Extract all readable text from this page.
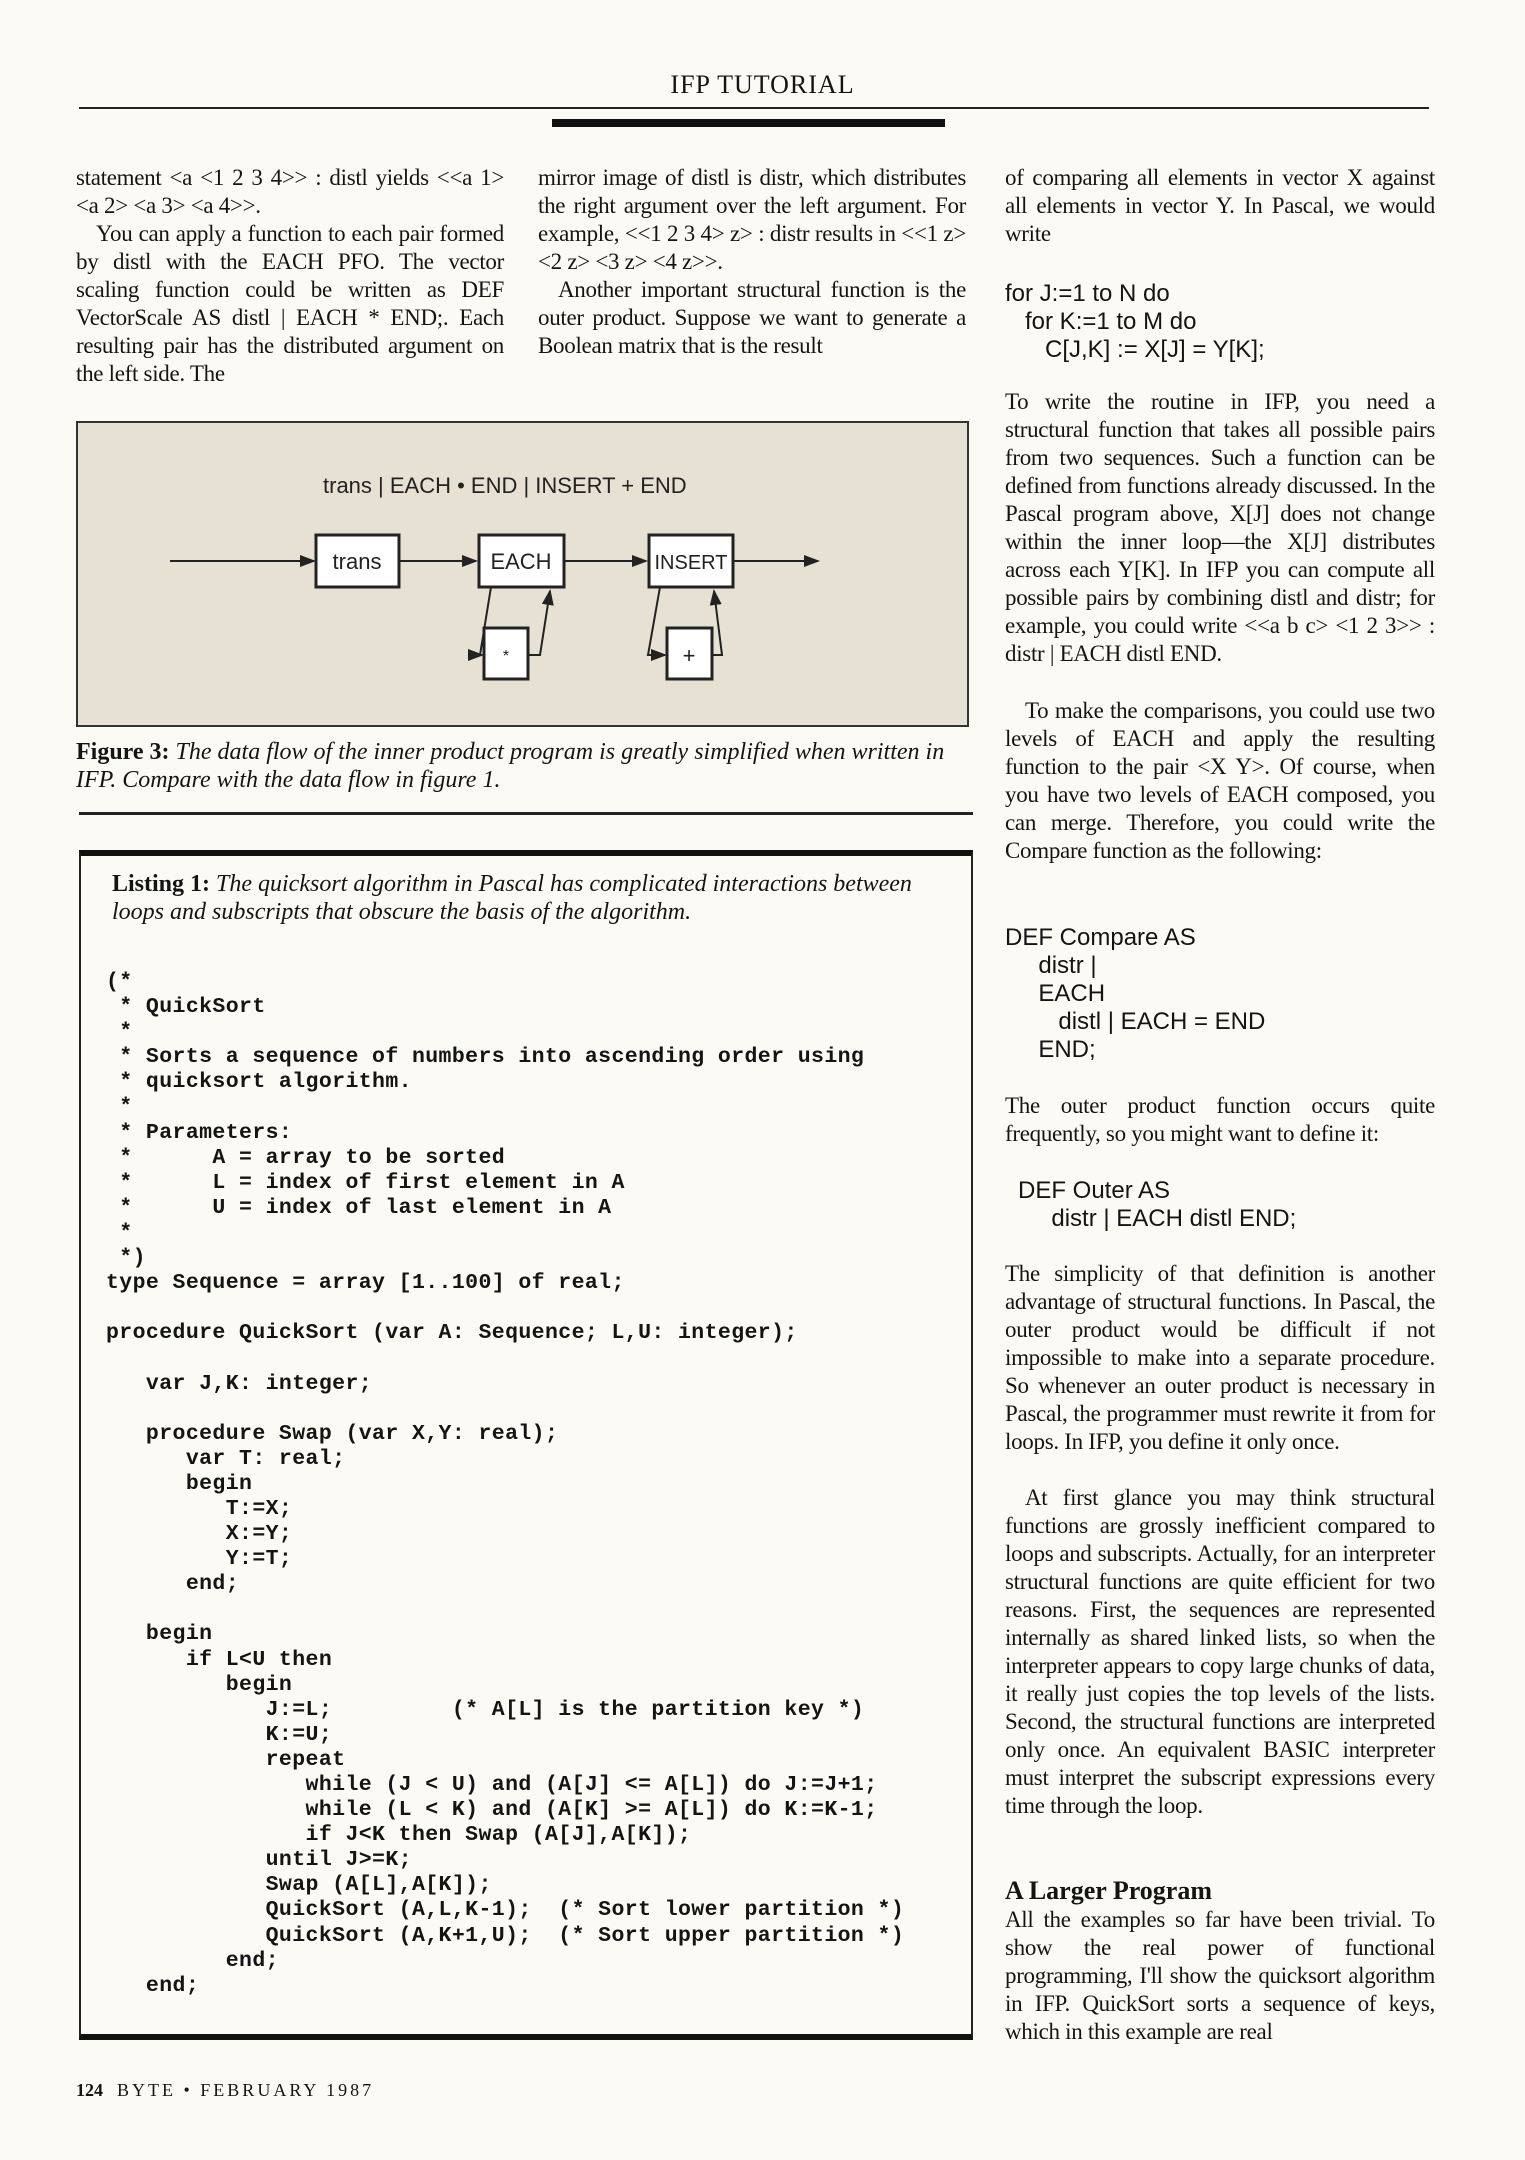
IFP TUTORIAL

statement <a <1 2 3 4>> : distl yields <<a 1> <a 2> <a 3> <a 4>>.

You can apply a function to each pair formed by distl with the EACH PFO. The vector scaling function could be written as DEF VectorScale AS distl | EACH * END;. Each resulting pair has the distributed argument on the left side. The

mirror image of distl is distr, which distributes the right argument over the left argument. For example, <<1 2 3 4> z> : distr results in <<1 z> <2 z> <3 z> <4 z>>.

Another important structural function is the outer product. Suppose we want to generate a Boolean matrix that is the result

trans | EACH • END | INSERT + END
trans	EACH	INSERT
*	+
Figure 3: The data flow of the inner product program is greatly simplified when written in IFP. Compare with the data flow in figure 1.
Listing 1: The quicksort algorithm in Pascal has complicated interactions between loops and subscripts that obscure the basis of the algorithm.
(*
* QuickSort
*
* Sorts a sequence of numbers into ascending order using
* quicksort algorithm.
*
* Parameters:
*      A = array to be sorted
*      L = index of first element in A
*      U = index of last element in A
*
*)
type Sequence = array [1..100] of real;
procedure QuickSort (var A: Sequence; L,U: integer);
var J,K: integer;
procedure Swap (var X,Y: real);
var T: real;
begin
T:=X;
X:=Y;
Y:=T;
end;
begin
if L<U then
begin
J:=L;         (* A[L] is the partition key *)
K:=U;
repeat
while (J < U) and (A[J] <= A[L]) do J:=J+1;
while (L < K) and (A[K] >= A[L]) do K:=K-1;
if J<K then Swap (A[J],A[K]);
until J>=K;
Swap (A[L],A[K]);
QuickSort (A,L,K-1);  (* Sort lower partition *)
QuickSort (A,K+1,U);  (* Sort upper partition *)
end;
end;

of comparing all elements in vector X against all elements in vector Y. In Pascal, we would write

for J:=1 to N do
for K:=1 to M do
C[J,K] := X[J] = Y[K];

To write the routine in IFP, you need a structural function that takes all possible pairs from two sequences. Such a function can be defined from functions already discussed. In the Pascal program above, X[J] does not change within the inner loop—the X[J] distributes across each Y[K]. In IFP you can compute all possible pairs by combining distl and distr; for example, you could write <<a b c> <1 2 3>> : distr | EACH distl END.

To make the comparisons, you could use two levels of EACH and apply the resulting function to the pair <X Y>. Of course, when you have two levels of EACH composed, you can merge. Therefore, you could write the Compare function as the following:

DEF Compare AS
distr |
EACH
distl | EACH = END
END;

The outer product function occurs quite frequently, so you might want to define it:

DEF Outer AS
distr | EACH distl END;

The simplicity of that definition is another advantage of structural functions. In Pascal, the outer product would be difficult if not impossible to make into a separate procedure. So whenever an outer product is necessary in Pascal, the programmer must rewrite it from for loops. In IFP, you define it only once.

At first glance you may think structural functions are grossly inefficient compared to loops and subscripts. Actually, for an interpreter structural functions are quite efficient for two reasons. First, the sequences are represented internally as shared linked lists, so when the interpreter appears to copy large chunks of data, it really just copies the top levels of the lists. Second, the structural functions are interpreted only once. An equivalent BASIC interpreter must interpret the subscript expressions every time through the loop.

A Larger Program

All the examples so far have been trivial. To show the real power of functional programming, I'll show the quicksort algorithm in IFP. QuickSort sorts a sequence of keys, which in this example are real

124 BYTE • FEBRUARY 1987
